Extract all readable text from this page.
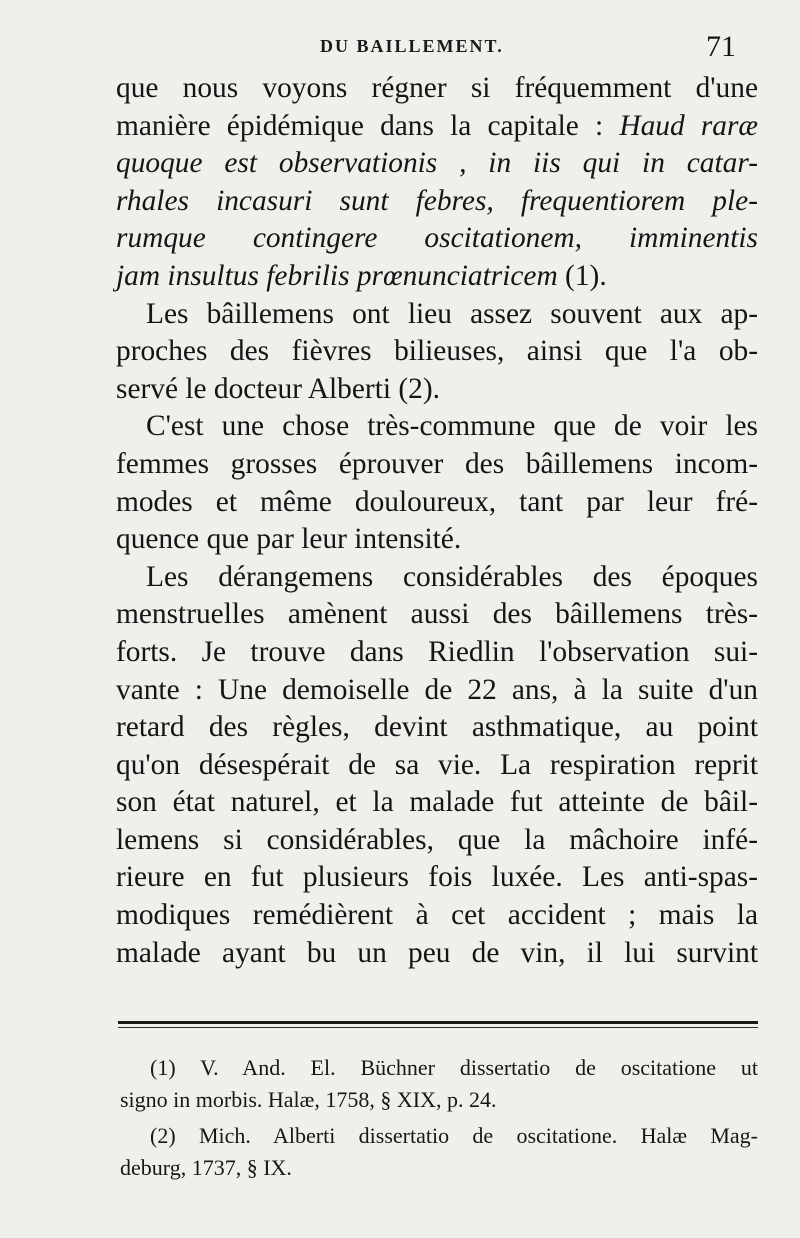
DU BAILLEMENT.	71
que nous voyons régner si fréquemment d'une
manière épidémique dans la capitale : Haud raræ
quoque est observationis , in iis qui in catar-
rhales incasuri sunt febres, frequentiorem ple-
rumque contingere oscitationem, imminentis
jam insultus febrilis prœnunciatricem (1).
Les bâillemens ont lieu assez souvent aux ap-
proches des fièvres bilieuses, ainsi que l'a ob-
servé le docteur Alberti (2).
C'est une chose très-commune que de voir les
femmes grosses éprouver des bâillemens incom-
modes et même douloureux, tant par leur fré-
quence que par leur intensité.
Les dérangemens considérables des époques
menstruelles amènent aussi des bâillemens très-
forts. Je trouve dans Riedlin l'observation sui-
vante : Une demoiselle de 22 ans, à la suite d'un
retard des règles, devint asthmatique, au point
qu'on désespérait de sa vie. La respiration reprit
son état naturel, et la malade fut atteinte de bâil-
lemens si considérables, que la mâchoire infé-
rieure en fut plusieurs fois luxée. Les anti-spas-
modiques remédièrent à cet accident ; mais la
malade ayant bu un peu de vin, il lui survint

(1) V. And. El. Büchner dissertatio de oscitatione ut
signo in morbis. Halæ, 1758, § XIX, p. 24.

(2) Mich. Alberti dissertatio de oscitatione. Halæ Mag-
deburg, 1737, § IX.
